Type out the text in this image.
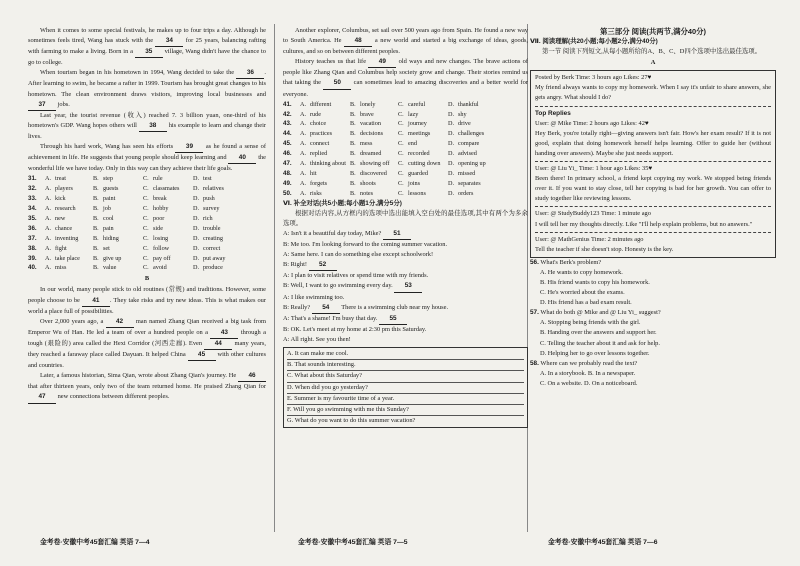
When it comes to some special festivals, he makes up to four trips a day. Although he sometimes feels tired, Wang has stuck with the 34 for 25 years, balancing rafting with farming to make a living. Born in a 35 village, Wang didn't have the chance to go to college.

When tourism began in his hometown in 1994, Wang decided to take the 36 . After learning to swim, he became a rafter in 1999. Tourism has brought great changes to his hometown. The clean environment draws visitors, improving local businesses and 37 jobs.

Last year, the tourist revenue (收入) reached 7. 3 billion yuan, one-third of his hometown's GDP. Wang hopes others will 38 his example to learn and change their lives.

Through his hard work, Wang has seen his efforts 39 as he found a sense of achievement in life. He suggests that young people should keep learning and 40 the wonderful life we have today. Only in this way can they achieve their life goals.

31.	A. treat	B. step	C. rule	D. test
32.	A. players	B. guests	C. classmates	D. relatives
33.	A. kick	B. paint	C. break	D. push
34.	A. research	B. job	C. hobby	D. survey
35.	A. new	B. cool	C. poor	D. rich
36.	A. chance	B. pain	C. side	D. trouble
37.	A. inventing	B. hiding	C. losing	D. creating
38.	A. fight	B. set	C. follow	D. correct
39.	A. take place	B. give up	C. pay off	D. put away
40.	A. miss	B. value	C. avoid	D. produce
B

In our world, many people stick to old routines (常规) and traditions. However, some people choose to be 41 . They take risks and try new ideas. This is what makes our world a place full of possibilities.

Over 2,000 years ago, a 42 man named Zhang Qian received a big task from Emperor Wu of Han. He led a team of over a hundred people on a 43 through a tough (艰险的) area called the Hexi Corridor (河西走廊). Even 44 many years, they reached a faraway place called Dayuan. It helped China 45 with other cultures and countries.

Later, a famous historian, Sima Qian, wrote about Zhang Qian's journey. He 46 that after thirteen years, only two of the team returned home. He praised Zhang Qian for 47 new connections between different peoples.

Another explorer, Columbus, set sail over 500 years ago from Spain. He found a new way to South America. He 48 a new world and started a big exchange of ideas, goods, cultures, and so on between different peoples.

History teaches us that life 49 old ways and new changes. The brave actions of people like Zhang Qian and Columbus help society grow and change. Their stories remind us that taking the 50 can sometimes lead to amazing discoveries and a better world for everyone.

41.	A. different	B. lonely	C. careful	D. thankful
42.	A. rude	B. brave	C. lazy	D. shy
43.	A. choice	B. vacation	C. journey	D. drive
44.	A. practices	B. decisions	C. meetings	D. challenges
45.	A. connect	B. mess	C. end	D. compare
46.	A. replied	B. dreamed	C. recorded	D. advised
47.	A. thinking about B. showing off	C. cutting down	D. opening up
48.	A. hit	B. discovered	C. guarded	D. missed
49.	A. forgets	B. shoots	C. joins	D. separates
50.	A. risks	B. notes	C. lessons	D. orders

Ⅵ. 补全对话(共5小题;每小题1分,满分5分)

根据对话内容,从方框内的选项中选出能填入空白处的最佳选项,其中有两个为多余选项。

A: Isn't it a beautiful day today, Mike? 51

B: Me too. I'm looking forward to the coming summer vacation.

A: Same here. I can do something else except schoolwork!

B: Right! 52

A: I plan to visit relatives or spend time with my friends.

B: Well, I want to go swimming every day. 53

A: I like swimming too.

B: Really? 54 There is a swimming club near my house.

A: That's a shame! I'm busy that day. 55

B: OK. Let's meet at my home at 2:30 pm this Saturday.

A: All right. See you then!

A. It can make me cool.
B. That sounds interesting.
C. What about this Saturday?
D. When did you go yesterday?
E. Summer is my favourite time of a year.
F. Will you go swimming with me this Sunday?
G. What do you want to do this summer vacation?
第三部分 阅读(共两节,满分40分)

Ⅶ. 阅读理解(共20小题;每小题2分,满分40分)

第一节 阅读下列短文,从每小题所给的A、B、C、D四个选项中选出最佳选项。

A

Posted by Berk Time: 3 hours ago Likes: 27♥

My friend always wants to copy my homework. When I say it's unfair to share answers, she gets angry. What should I do?

Top Replies

User: @ Mike Time: 2 hours ago Likes: 42♥

Hey Berk, you're totally right—giving answers isn't fair. How's her exam result? If it is not good, explain that doing homework herself helps learning. Offer to guide her (without handing over answers). Maybe she just needs support.

User: @ Liu Yi_ Time: 1 hour ago Likes: 35♥

Been there! In primary school, a friend kept copying my work. We stopped being friends over it. If you want to stay close, tell her copying is bad for her growth. You can offer to study together like reviewing lessons.

User: @ StudyBuddy123 Time: 1 minute ago

I will tell her my thoughts directly. Like "I'll help explain problems, but no answers."

User: @ MathGenius Time: 2 minutes ago

Tell the teacher if she doesn't stop. Honesty is the key.

56. What's Berk's problem?

A. He wants to copy homework.

B. His friend wants to copy his homework.

C. He's worried about the exams.

D. His friend has a bad exam result.

57. What do both @ Mike and @ Liu Yi_ suggest?

A. Stopping being friends with the girl.

B. Handing over the answers and support her.

C. Telling the teacher about it and ask for help.

D. Helping her to go over lessons together.

58. Where can we probably read the text?

A. In a storybook. B. In a newspaper.

C. On a website. D. On a noticeboard.

金考卷·安徽中考45套汇编 英语 7—4	金考卷·安徽中考45套汇编 英语 7—5	金考卷·安徽中考45套汇编 英语 7—6
